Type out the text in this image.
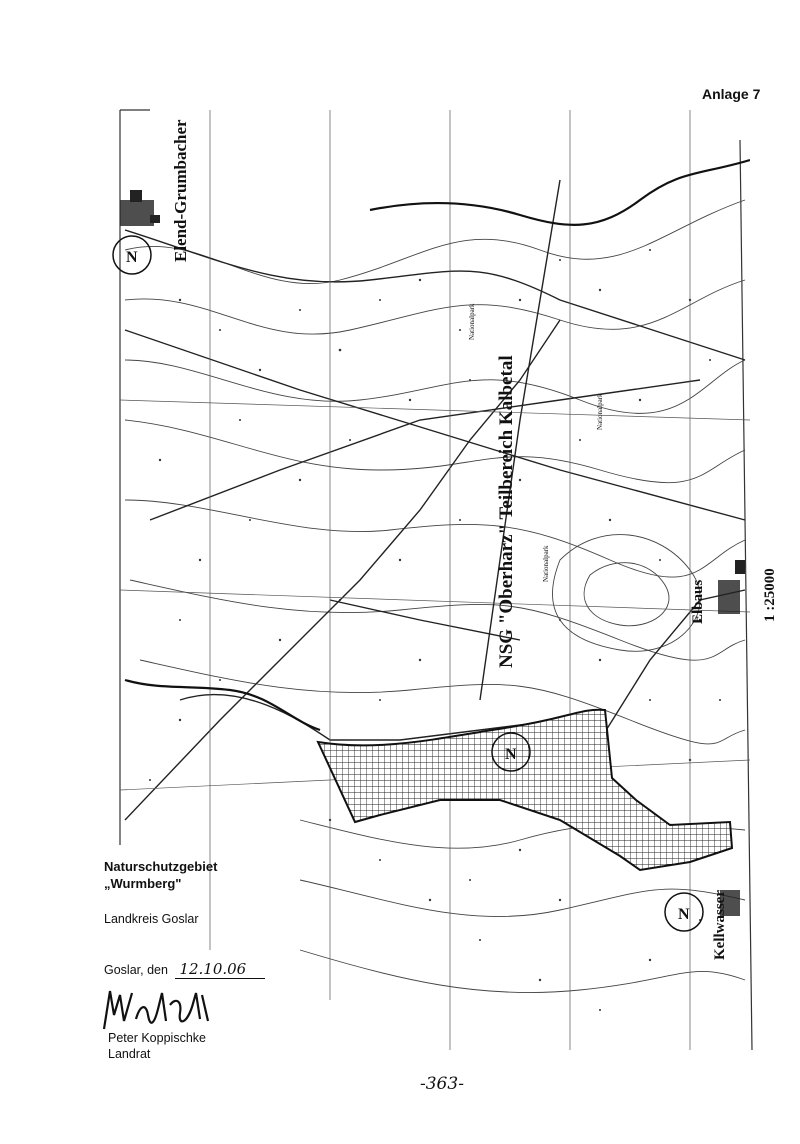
Anlage 7
N
N
N
Elend-Grumbacher
NSG "Oberharz" Teilbereich Kalbetal	Nationalpark
Nationalpark
Nationalpark
Elbaus
Kellwasser
1 :25000

Naturschutzgebiet

„Wurmberg"

Landkreis Goslar
Goslar, den 12.10.06
Peter Koppischke
Landrat
-363-
